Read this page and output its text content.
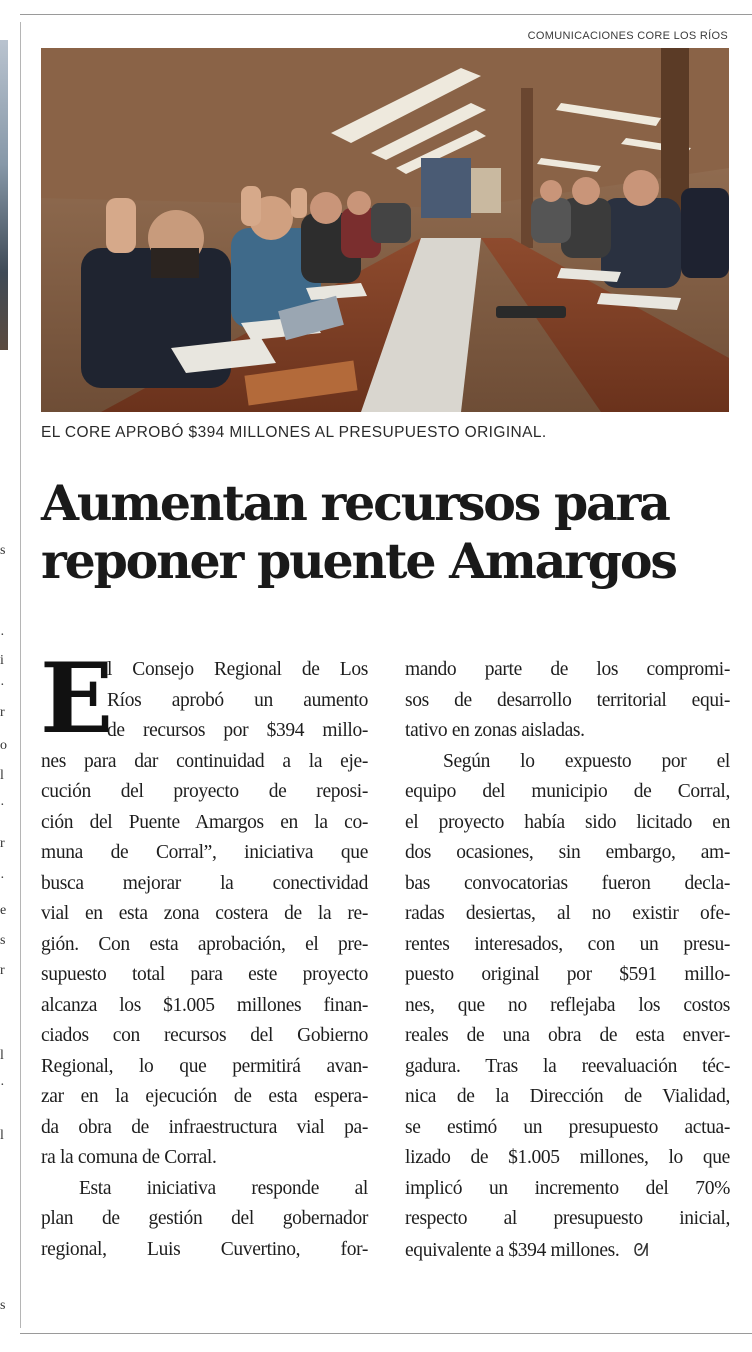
s
·
i
·
r
o
l
·
r
·
e
s
r
l
·
l
s
COMUNICACIONES CORE LOS RÍOS
EL CORE APROBÓ $394 MILLONES AL PRESUPUESTO ORIGINAL.
Aumentan recursos para
reponer puente Amargos
E
l Consejo Regional de Los
Ríos aprobó un aumento
de recursos por $394 millo-
nes para dar continuidad a la eje-
cución del proyecto de reposi-
ción del Puente Amargos en la co-
muna de Corral”, iniciativa que
busca mejorar la conectividad
vial en esta zona costera de la re-
gión. Con esta aprobación, el pre-
supuesto total para este proyecto
alcanza los $1.005 millones finan-
ciados con recursos del Gobierno
Regional, lo que permitirá avan-
zar en la ejecución de esta espera-
da obra de infraestructura vial pa-
ra la comuna de Corral.
Esta iniciativa responde al
plan de gestión del gobernador
regional, Luis Cuvertino, for-
mando parte de los compromi-
sos de desarrollo territorial equi-
tativo en zonas aisladas.
Según lo expuesto por el
equipo del municipio de Corral,
el proyecto había sido licitado en
dos ocasiones, sin embargo, am-
bas convocatorias fueron decla-
radas desiertas, al no existir ofe-
rentes interesados, con un presu-
puesto original por $591 millo-
nes, que no reflejaba los costos
reales de una obra de esta enver-
gadura. Tras la reevaluación téc-
nica de la Dirección de Vialidad,
se estimó un presupuesto actua-
lizado de $1.005 millones, lo que
implicó un incremento del 70%
respecto al presupuesto inicial,
equivalente a $394 millones. ᘛ
